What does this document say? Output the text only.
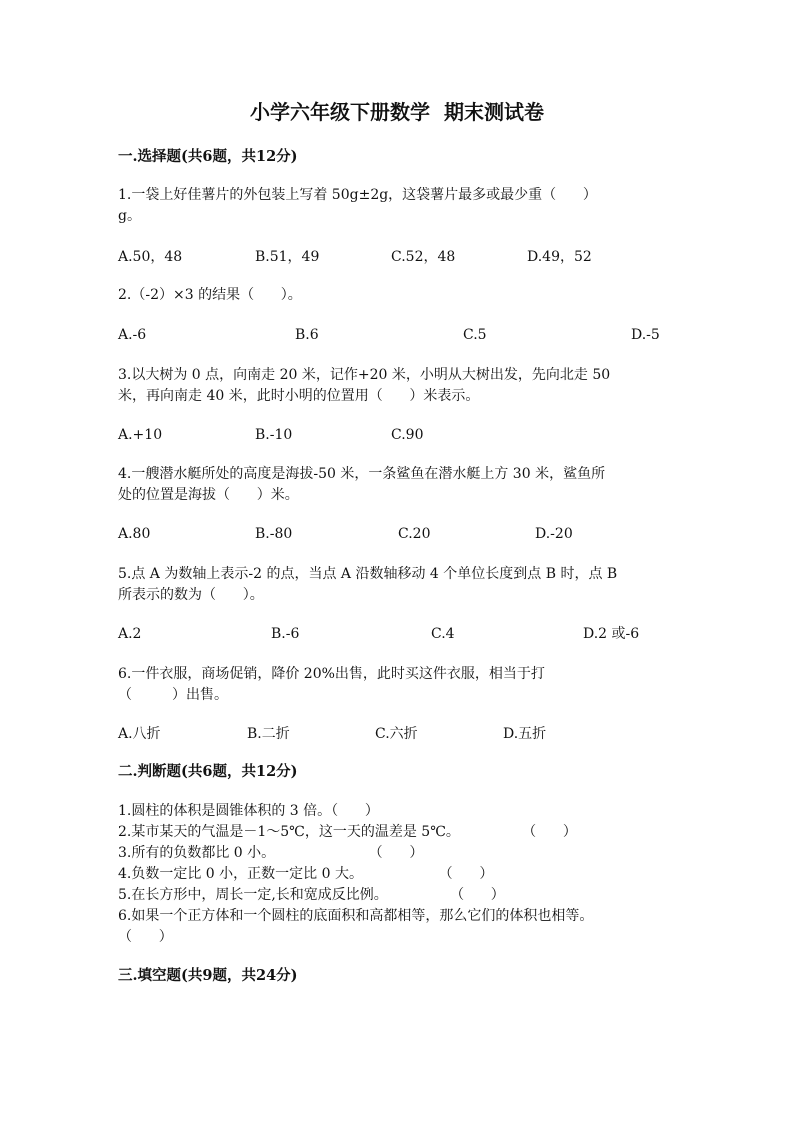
小学六年级下册数学  期末测试卷
一.选择题(共6题，共12分)
1.一袋上好佳薯片的外包装上写着 50g±2g，这袋薯片最多或最少重（      ）
g。
A.50，48	B.51，49	C.52，48	D.49，52
2.（-2）×3 的结果（      ）。
A.-6	B.6	C.5	D.-5
3.以大树为 0 点，向南走 20 米，记作+20 米，小明从大树出发，先向北走 50
米，再向南走 40 米，此时小明的位置用（      ）米表示。
A.+10	B.-10	C.90
4.一艘潜水艇所处的高度是海拔-50 米，一条鲨鱼在潜水艇上方 30 米，鲨鱼所
处的位置是海拔（      ）米。
A.80	B.-80	C.20	D.-20
5.点 A 为数轴上表示-2 的点，当点 A 沿数轴移动 4 个单位长度到点 B 时，点 B
所表示的数为（      ）。
A.2	B.-6	C.4	D.2 或-6
6.一件衣服，商场促销，降价 20%出售，此时买这件衣服，相当于打
（         ）出售。
A.八折	B.二折	C.六折	D.五折
二.判断题(共6题，共12分)
1.圆柱的体积是圆锥体积的 3 倍。（      ）
2.某市某天的气温是－1～5℃，这一天的温差是 5℃。              （      ）
3.所有的负数都比 0 小。                     （      ）
4.负数一定比 0 小，正数一定比 0 大。                 （      ）
5.在长方形中，周长一定,长和宽成反比例。              （      ）
6.如果一个正方体和一个圆柱的底面积和高都相等，那么它们的体积也相等。
（      ）
三.填空题(共9题，共24分)
